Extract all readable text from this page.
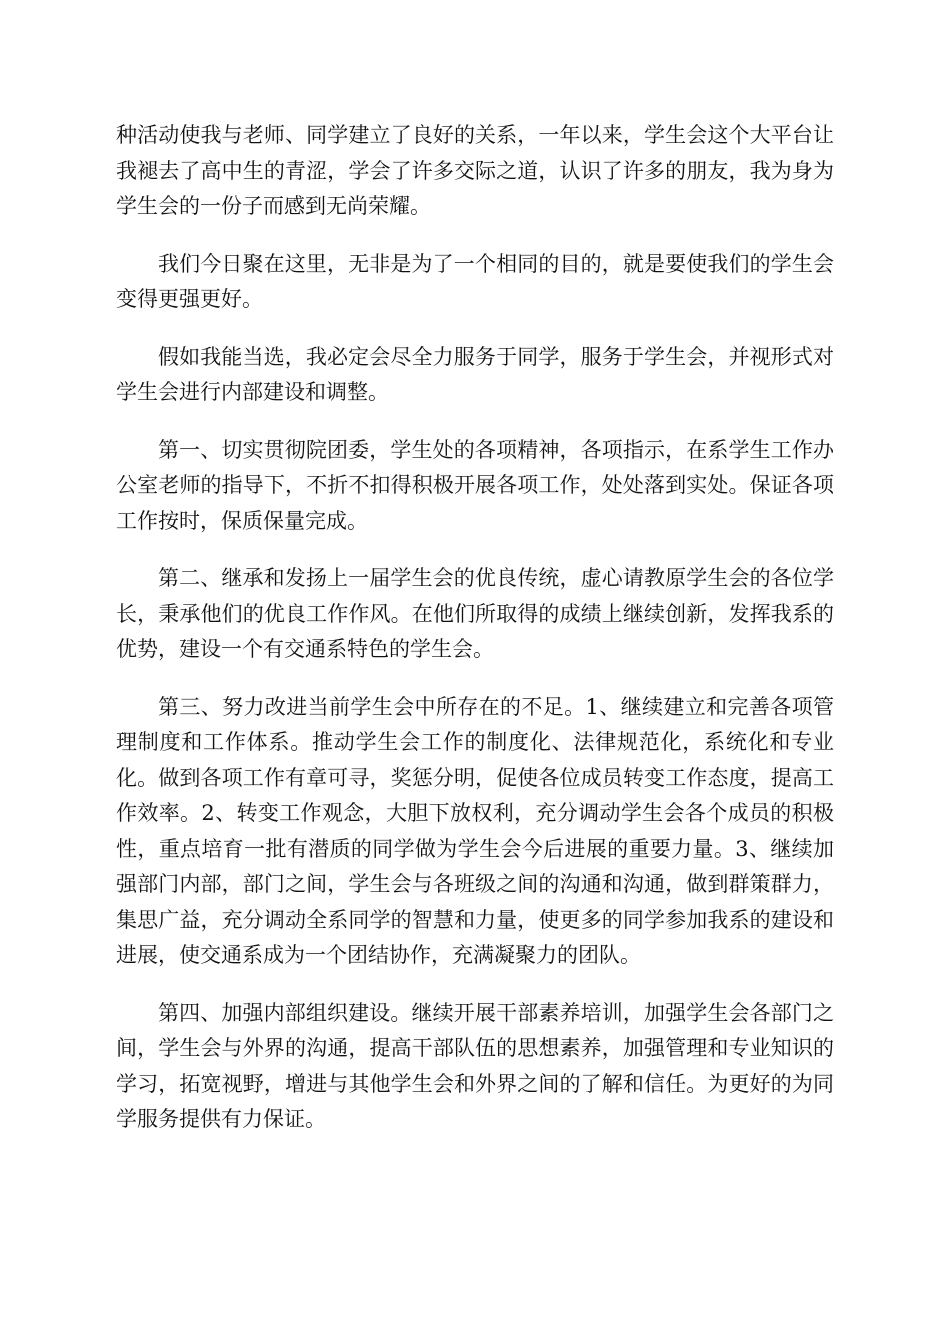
种活动使我与老师、同学建立了良好的关系，一年以来，学生会这个大平台让我褪去了高中生的青涩，学会了许多交际之道，认识了许多的朋友，我为身为学生会的一份子而感到无尚荣耀。

我们今日聚在这里，无非是为了一个相同的目的，就是要使我们的学生会变得更强更好。

假如我能当选，我必定会尽全力服务于同学，服务于学生会，并视形式对学生会进行内部建设和调整。

第一、切实贯彻院团委，学生处的各项精神，各项指示，在系学生工作办公室老师的指导下，不折不扣得积极开展各项工作，处处落到实处。保证各项工作按时，保质保量完成。

第二、继承和发扬上一届学生会的优良传统，虚心请教原学生会的各位学长，秉承他们的优良工作作风。在他们所取得的成绩上继续创新，发挥我系的优势，建设一个有交通系特色的学生会。

第三、努力改进当前学生会中所存在的不足。1、继续建立和完善各项管理制度和工作体系。推动学生会工作的制度化、法律规范化，系统化和专业化。做到各项工作有章可寻，奖惩分明，促使各位成员转变工作态度，提高工作效率。2、转变工作观念，大胆下放权利，充分调动学生会各个成员的积极性，重点培育一批有潜质的同学做为学生会今后进展的重要力量。3、继续加强部门内部，部门之间，学生会与各班级之间的沟通和沟通，做到群策群力，集思广益，充分调动全系同学的智慧和力量，使更多的同学参加我系的建设和进展，使交通系成为一个团结协作，充满凝聚力的团队。

第四、加强内部组织建设。继续开展干部素养培训，加强学生会各部门之间，学生会与外界的沟通，提高干部队伍的思想素养，加强管理和专业知识的学习，拓宽视野，增进与其他学生会和外界之间的了解和信任。为更好的为同学服务提供有力保证。
